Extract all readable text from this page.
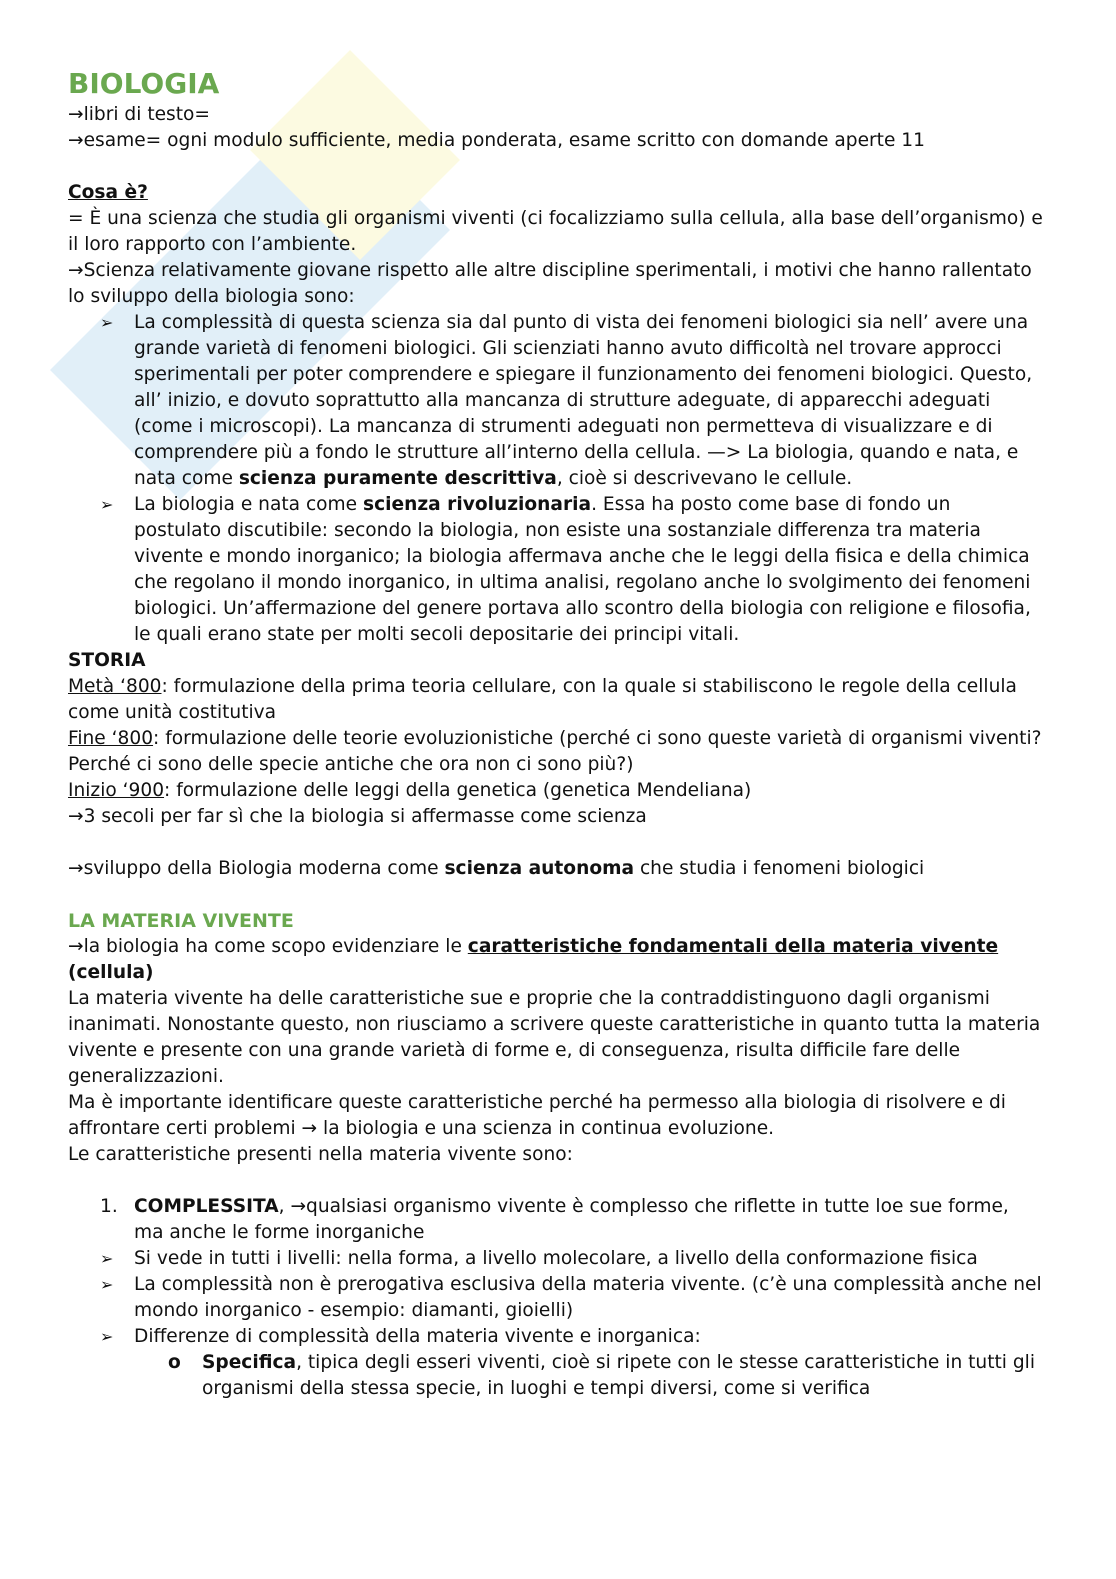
BIOLOGIA

→libri di testo=

→esame= ogni modulo sufficiente, media ponderata, esame scritto con domande aperte 11

Cosa è?

= È una scienza che studia gli organismi viventi (ci focalizziamo sulla cellula, alla base dell’organismo) e il loro rapporto con l’ambiente.

→Scienza relativamente giovane rispetto alle altre discipline sperimentali, i motivi che hanno rallentato lo sviluppo della biologia sono:

➢ La complessità di questa scienza sia dal punto di vista dei fenomeni biologici sia nell’ avere una grande varietà di fenomeni biologici. Gli scienziati hanno avuto difficoltà nel trovare approcci sperimentali per poter comprendere e spiegare il funzionamento dei fenomeni biologici. Questo, all’ inizio, e dovuto soprattutto alla mancanza di strutture adeguate, di apparecchi adeguati (come i microscopi). La mancanza di strumenti adeguati non permetteva di visualizzare e di comprendere più a fondo le strutture all’interno della cellula. —> La biologia, quando e nata, e nata come scienza puramente descrittiva, cioè si descrivevano le cellule.
➢ La biologia e nata come scienza rivoluzionaria. Essa ha posto come base di fondo un postulato discutibile: secondo la biologia, non esiste una sostanziale differenza tra materia vivente e mondo inorganico; la biologia affermava anche che le leggi della fisica e della chimica che regolano il mondo inorganico, in ultima analisi, regolano anche lo svolgimento dei fenomeni biologici. Un’affermazione del genere portava allo scontro della biologia con religione e filosofia, le quali erano state per molti secoli depositarie dei principi vitali.

STORIA

Metà ‘800: formulazione della prima teoria cellulare, con la quale si stabiliscono le regole della cellula come unità costitutiva

Fine ‘800: formulazione delle teorie evoluzionistiche (perché ci sono queste varietà di organismi viventi? Perché ci sono delle specie antiche che ora non ci sono più?)

Inizio ‘900: formulazione delle leggi della genetica (genetica Mendeliana)

→3 secoli per far sì che la biologia si affermasse come scienza

→sviluppo della Biologia moderna come scienza autonoma che studia i fenomeni biologici

LA MATERIA VIVENTE

→la biologia ha come scopo evidenziare le caratteristiche fondamentali della materia vivente (cellula)

La materia vivente ha delle caratteristiche sue e proprie che la contraddistinguono dagli organismi inanimati. Nonostante questo, non riusciamo a scrivere queste caratteristiche in quanto tutta la materia vivente e presente con una grande varietà di forme e, di conseguenza, risulta difficile fare delle generalizzazioni.

Ma è importante identificare queste caratteristiche perché ha permesso alla biologia di risolvere e di affrontare certi problemi → la biologia e una scienza in continua evoluzione.

Le caratteristiche presenti nella materia vivente sono:

1. COMPLESSITA, →qualsiasi organismo vivente è complesso che riflette in tutte loe sue forme, ma anche le forme inorganiche
➢ Si vede in tutti i livelli: nella forma, a livello molecolare, a livello della conformazione fisica
➢ La complessità non è prerogativa esclusiva della materia vivente. (c’è una complessità anche nel mondo inorganico - esempio: diamanti, gioielli)
➢ Differenze di complessità della materia vivente e inorganica:
o Specifica, tipica degli esseri viventi, cioè si ripete con le stesse caratteristiche in tutti gli organismi della stessa specie, in luoghi e tempi diversi, come si verifica
